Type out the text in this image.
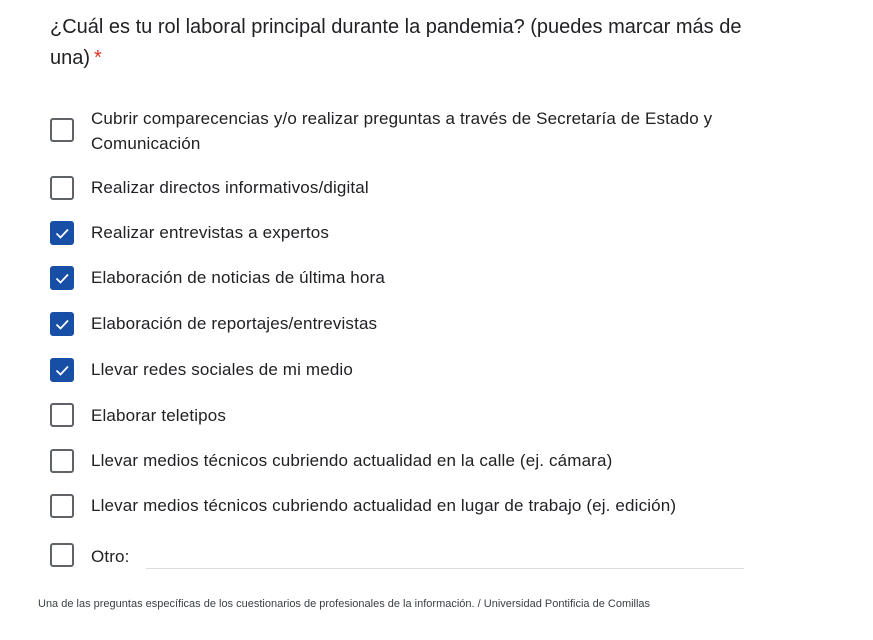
¿Cuál es tu rol laboral principal durante la pandemia? (puedes marcar más de una) *
Cubrir comparecencias y/o realizar preguntas a través de Secretaría de Estado y Comunicación
Realizar directos informativos/digital
Realizar entrevistas a expertos
Elaboración de noticias de última hora
Elaboración de reportajes/entrevistas
Llevar redes sociales de mi medio
Elaborar teletipos
Llevar medios técnicos cubriendo actualidad en la calle (ej. cámara)
Llevar medios técnicos cubriendo actualidad en lugar de trabajo (ej. edición)
Otro:
Una de las preguntas específicas de los cuestionarios de profesionales de la información. / Universidad Pontificia de Comillas
